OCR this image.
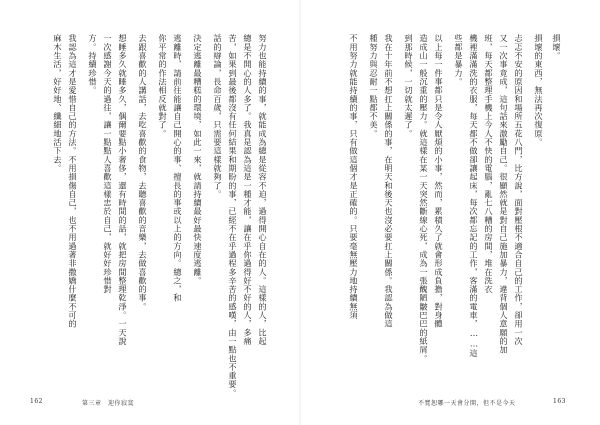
努力也能持續的事，就能成為總是從容不迫，過得開心自在的人。這樣的人，比起
總是不開心的人多了。我真是認為這是一種才能，讓在乎你過得好不好的人，多痛
苦，如果到最後都沒有任何結果和期盼的事，已經不在乎過程多辛苦的感嘆，由一點也不重要。
話的辯論，長命百歲，只需要這樣就夠了。
決定逃離最糟糕的環境，如此一來，就請持續最好最快速度逃離。
逃離時，請前往能讓自己開心的事、擅長的事或以上的方向。總之，和
你平常的作法相反就對了。
去跟喜歡的人講話，去吃喜歡的食物，去聽喜歡的音樂，去做喜歡的事。
想睡多久就睡多久，偶爾要點小奢侈，還有時間的話，就把房間整理乾淨。一天說
一次感謝今天的過往，讓一點點人喜歡這樣忠於自己，就好好珍惜對
方。持續珍惜。
我認為這才是愛惜自己的方法。不用損傷自己，也不用過著非撒嬌什麼不可的
麻木生活，好好地、纖細地活下去。
162	第三章　迎你寂寞
損壞。
損壞的東西，無法再次復原。
忐忑不安的原因和場所五花八門，比方說，面對壓根不適合自己的工作，卻用一次
又一次事竟成，這句話來激勵自己。很顯然就是對自己施加暴力，違背個人意願的加
班，每天都整理手機上今人不快的電腦，亂七八糟的房間，堆在洗衣
機裡滿滿洗的衣服，每天都不做卻讓起床，每次都忘記的工作，客滿的電車，……這
些都是暴力。
以上每一件事都只是令人厭煩的小事，然而，累積久了就會形成負擔，對身體
造成山一般沉重的壓力。就這樣在某一天突然斷線心死，成為一張醜陋皺巴巴的紙屑。
到那時候，一切就太遲了。
我在十年前不想扛上關係的事，在明天和後天也沒必要扛上關係。我認為做這
種努力與忍耐一點都不美。
不用努力就能持續的事，只有做這個才是正確的。只要毫無壓力地持續無須
不寬恕哪一天會分開，但不是今天	163
